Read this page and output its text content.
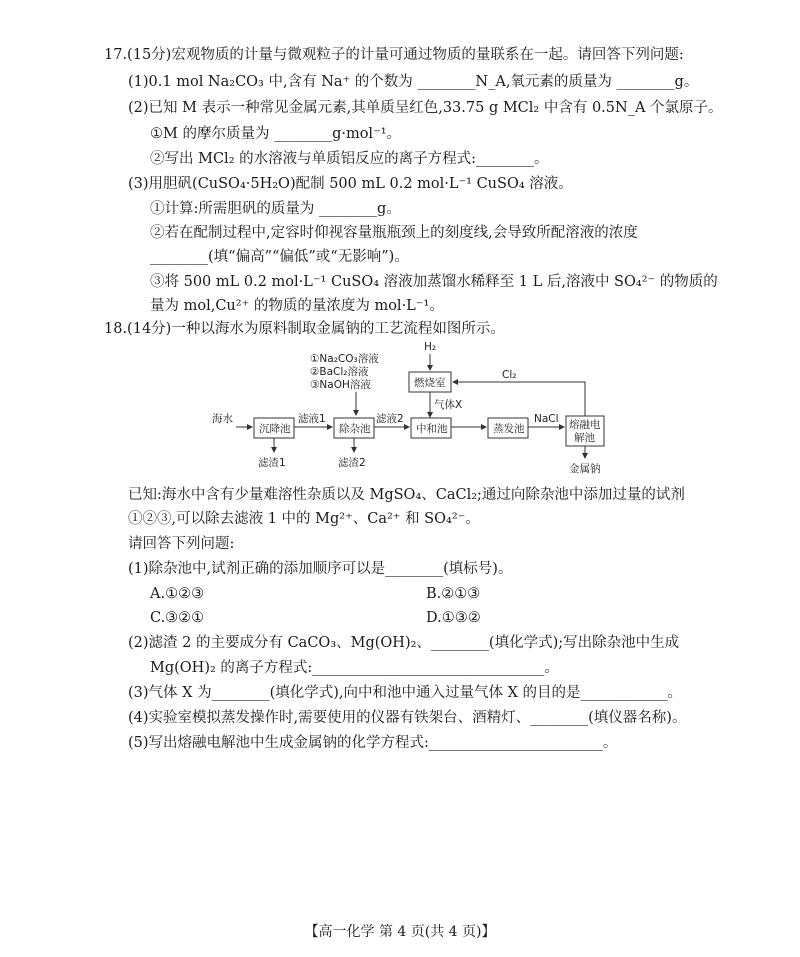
17.(15分)宏观物质的计量与微观粒子的计量可通过物质的量联系在一起。请回答下列问题:
(1)0.1 mol Na₂CO₃ 中,含有 Na⁺ 的个数为 ________N_A,氧元素的质量为 ________g。
(2)已知 M 表示一种常见金属元素,其单质呈红色,33.75 g MCl₂ 中含有 0.5N_A 个氯原子。
①M 的摩尔质量为 ________g·mol⁻¹。
②写出 MCl₂ 的水溶液与单质铝反应的离子方程式:________。
(3)用胆矾(CuSO₄·5H₂O)配制 500 mL 0.2 mol·L⁻¹ CuSO₄ 溶液。
①计算:所需胆矾的质量为 ________g。
②若在配制过程中,定容时仰视容量瓶瓶颈上的刻度线,会导致所配溶液的浓度
________(填“偏高”“偏低”或“无影响”)。
③将 500 mL 0.2 mol·L⁻¹ CuSO₄ 溶液加蒸馏水稀释至 1 L 后,溶液中 SO₄²⁻ 的物质的
量为 mol,Cu²⁺ 的物质的量浓度为 mol·L⁻¹。
18.(14分)一种以海水为原料制取金属钠的工艺流程如图所示。
①Na₂CO₃溶液
②BaCl₂溶液
③NaOH溶液
H₂
燃烧室
Cl₂
气体X
海水
沉降池
滤液1
除杂池
滤液2
中和池	蒸发池
NaCl 熔融电
解池
滤渣1	滤渣2	金属钠
已知:海水中含有少量难溶性杂质以及 MgSO₄、CaCl₂;通过向除杂池中添加过量的试剂
①②③,可以除去滤液 1 中的 Mg²⁺、Ca²⁺ 和 SO₄²⁻。
请回答下列问题:
(1)除杂池中,试剂正确的添加顺序可以是________(填标号)。
A.①②③	B.②①③
C.③②①	D.①③②
(2)滤渣 2 的主要成分有 CaCO₃、Mg(OH)₂、________(填化学式);写出除杂池中生成
Mg(OH)₂ 的离子方程式:________________________________。
(3)气体 X 为________(填化学式),向中和池中通入过量气体 X 的目的是____________。
(4)实验室模拟蒸发操作时,需要使用的仪器有铁架台、酒精灯、________(填仪器名称)。
(5)写出熔融电解池中生成金属钠的化学方程式:________________________。
【高一化学 第 4 页(共 4 页)】
